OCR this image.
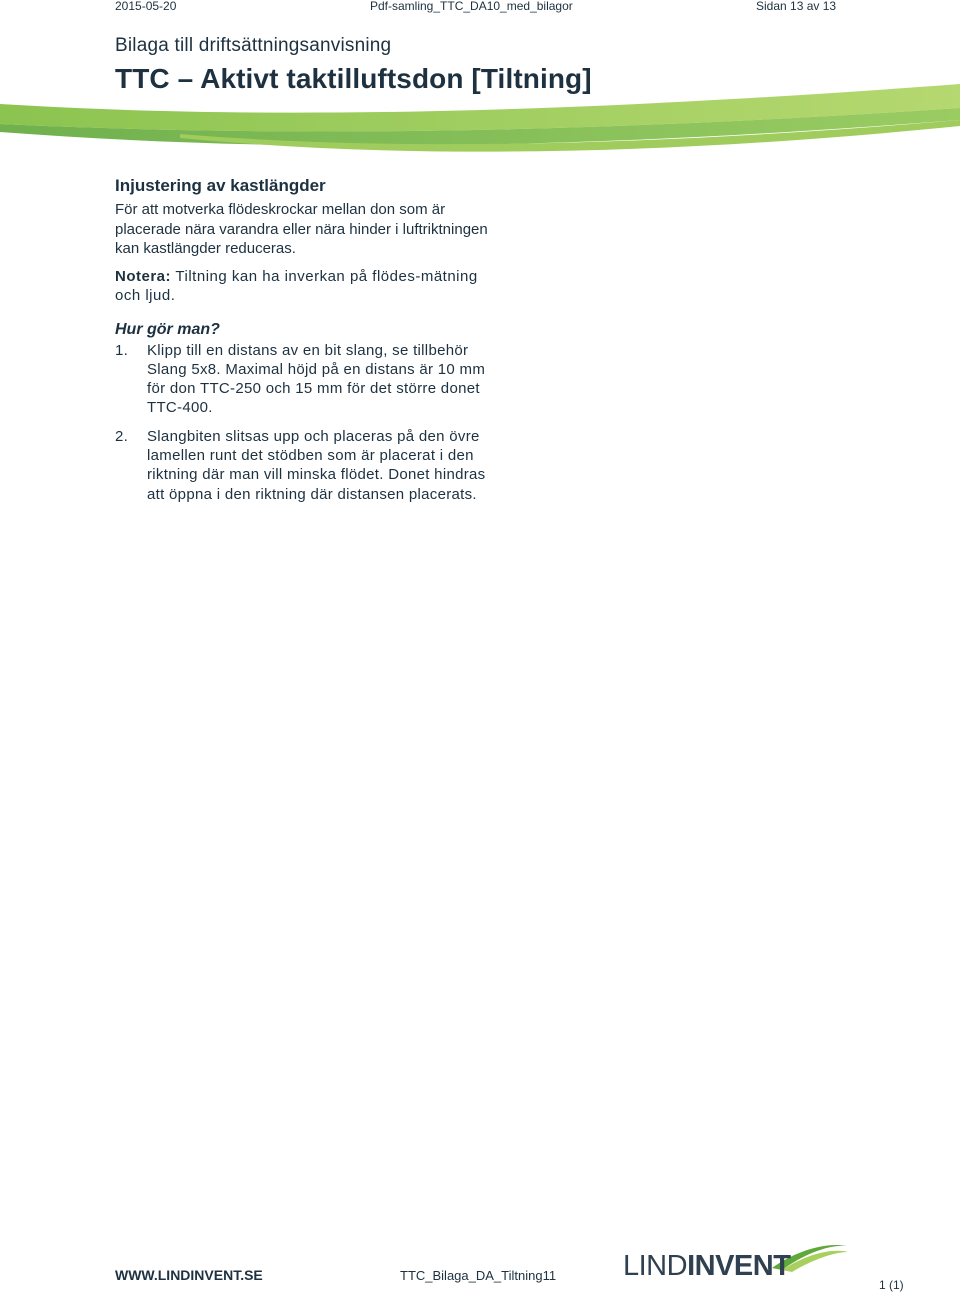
2015-05-20	Pdf-samling_TTC_DA10_med_bilagor	Sidan 13 av 13
Bilaga till driftsättningsanvisning
TTC – Aktivt taktilluftsdon [Tiltning]
Injustering av kastlängder

För att motverka flödeskrockar mellan don som är placerade nära varandra eller nära hinder i luftriktningen kan kastlängder reduceras.

Notera: Tiltning kan ha inverkan på flödes-mätning och ljud.

Hur gör man?
1. Klipp till en distans av en bit slang, se tillbehör Slang 5x8. Maximal höjd på en distans är 10 mm för don TTC-250 och 15 mm för det större donet TTC-400.
2. Slangbiten slitsas upp och placeras på den övre lamellen runt det stödben som är placerat i den riktning där man vill minska flödet. Donet hindras att öppna i den riktning där distansen placerats.
WWW.LINDINVENT.SE	TTC_Bilaga_DA_Tiltning11 LINDINVENT
1 (1)
